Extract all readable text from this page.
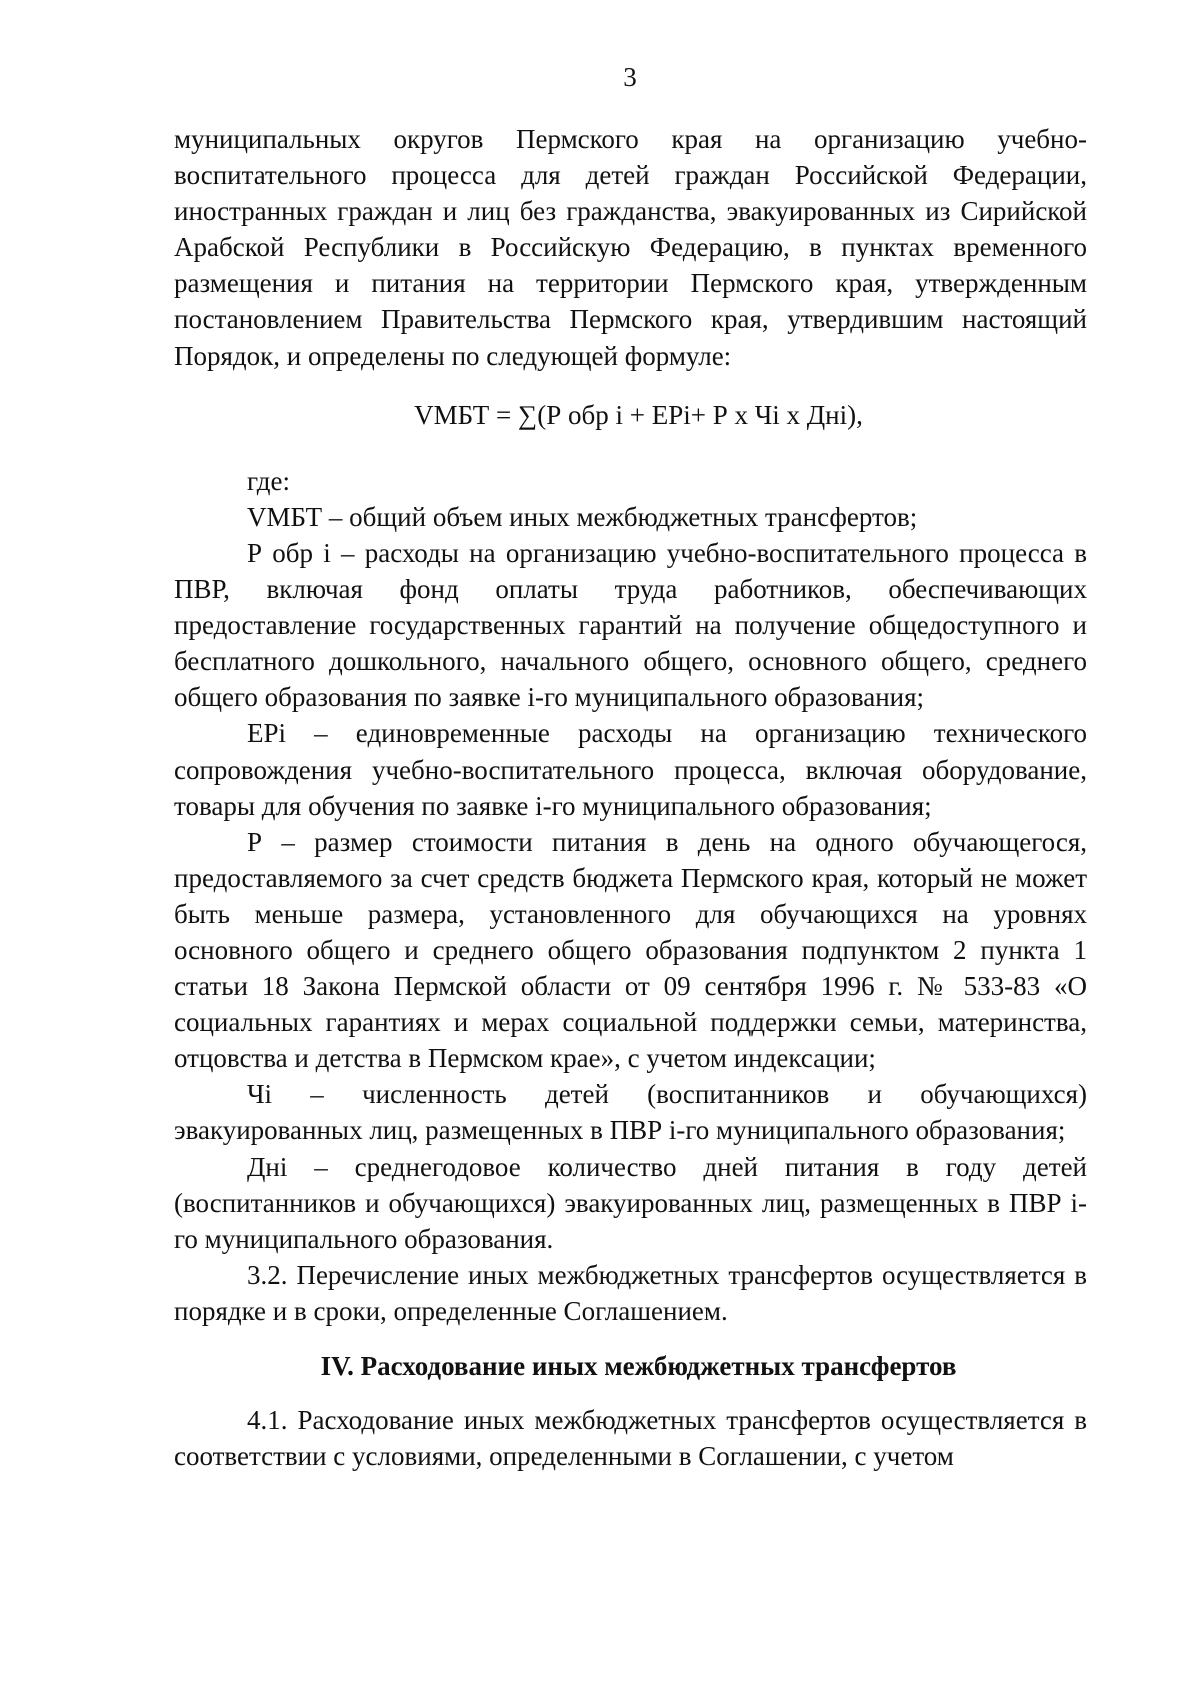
3

муниципальных округов Пермского края на организацию учебно-воспитательного процесса для детей граждан Российской Федерации, иностранных граждан и лиц без гражданства, эвакуированных из Сирийской Арабской Республики в Российскую Федерацию, в пунктах временного размещения и питания на территории Пермского края, утвержденным постановлением Правительства Пермского края, утвердившим настоящий Порядок, и определены по следующей формуле:

VМБТ = ∑(Р обр i + ЕРi+ Р х Чi х Днi),

где:

VМБТ – общий объем иных межбюджетных трансфертов;

Р обр i – расходы на организацию учебно-воспитательного процесса в ПВР, включая фонд оплаты труда работников, обеспечивающих предоставление государственных гарантий на получение общедоступного и бесплатного дошкольного, начального общего, основного общего, среднего общего образования по заявке i-го муниципального образования;

ЕРi – единовременные расходы на организацию технического сопровождения учебно-воспитательного процесса, включая оборудование, товары для обучения по заявке i-го муниципального образования;

Р – размер стоимости питания в день на одного обучающегося, предоставляемого за счет средств бюджета Пермского края, который не может быть меньше размера, установленного для обучающихся на уровнях основного общего и среднего общего образования подпунктом 2 пункта 1 статьи 18 Закона Пермской области от 09 сентября 1996 г. № 533-83 «О социальных гарантиях и мерах социальной поддержки семьи, материнства, отцовства и детства в Пермском крае», с учетом индексации;

Чi – численность детей (воспитанников и обучающихся) эвакуированных лиц, размещенных в ПВР i-го муниципального образования;

Днi – среднегодовое количество дней питания в году детей (воспитанников и обучающихся) эвакуированных лиц, размещенных в ПВР i-го муниципального образования.

3.2. Перечисление иных межбюджетных трансфертов осуществляется в порядке и в сроки, определенные Соглашением.

IV. Расходование иных межбюджетных трансфертов

4.1. Расходование иных межбюджетных трансфертов осуществляется в соответствии с условиями, определенными в Соглашении, с учетом
